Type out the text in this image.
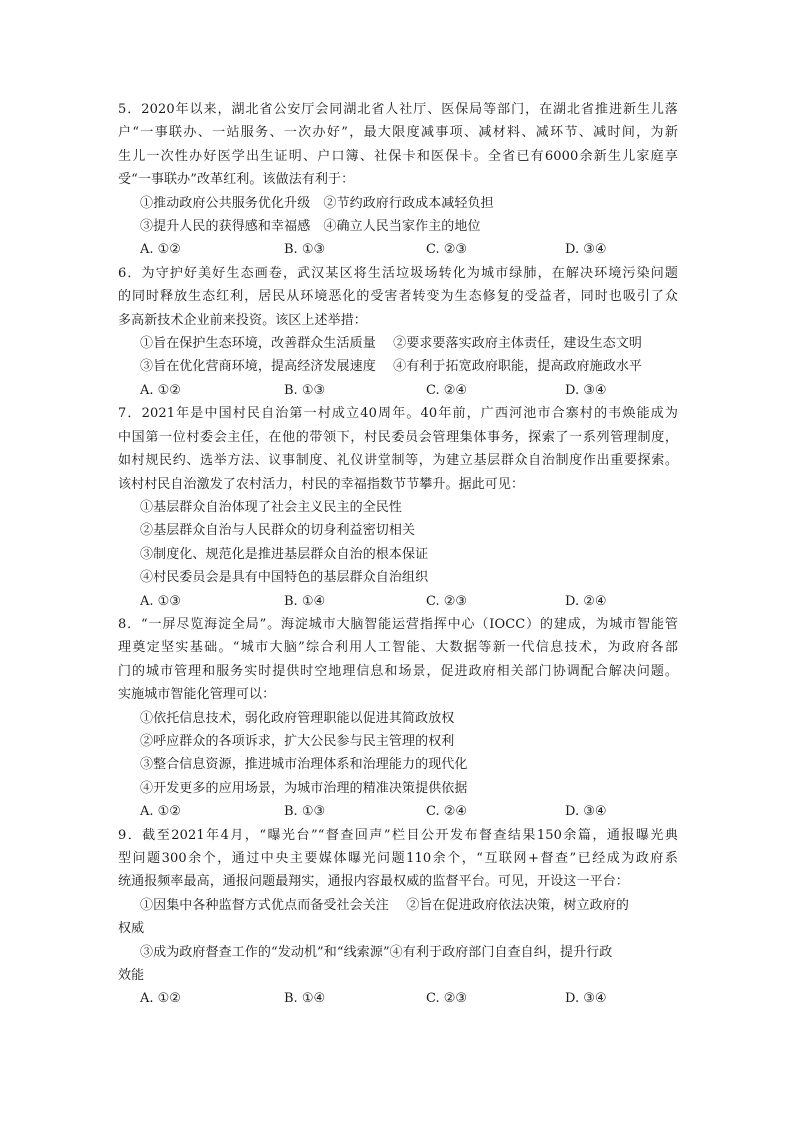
5．2020年以来，湖北省公安厅会同湖北省人社厅、医保局等部门，在湖北省推进新生儿落
户“一事联办、一站服务、一次办好”，最大限度减事项、减材料、减环节、减时间，为新
生儿一次性办好医学出生证明、户口簿、社保卡和医保卡。全省已有6000余新生儿家庭享
受“一事联办”改革红利。该做法有利于：
①推动政府公共服务优化升级　②节约政府行政成本减轻负担
③提升人民的获得感和幸福感　④确立人民当家作主的地位
A. ①②	B. ①③	C. ②③	D. ③④
6．为守护好美好生态画卷，武汉某区将生活垃圾场转化为城市绿肺，在解决环境污染问题
的同时释放生态红利，居民从环境恶化的受害者转变为生态修复的受益者，同时也吸引了众
多高新技术企业前来投资。该区上述举措：
①旨在保护生态环境，改善群众生活质量　 ②要求要落实政府主体责任，建设生态文明
③旨在优化营商环境，提高经济发展速度　 ④有利于拓宽政府职能，提高政府施政水平
A. ①②	B. ①③	C. ②④	D. ③④
7．2021年是中国村民自治第一村成立40周年。40年前，广西河池市合寨村的韦焕能成为
中国第一位村委会主任，在他的带领下，村民委员会管理集体事务，探索了一系列管理制度，
如村规民约、选举方法、议事制度、礼仪讲堂制等，为建立基层群众自治制度作出重要探索。
该村村民自治激发了农村活力，村民的幸福指数节节攀升。据此可见：
①基层群众自治体现了社会主义民主的全民性
②基层群众自治与人民群众的切身利益密切相关
③制度化、规范化是推进基层群众自治的根本保证
④村民委员会是具有中国特色的基层群众自治组织
A. ①③	B. ①④	C. ②③	D. ②④
8．“一屏尽览海淀全局”。海淀城市大脑智能运营指挥中心（IOCC）的建成，为城市智能管
理奠定坚实基础。“城市大脑”综合利用人工智能、大数据等新一代信息技术，为政府各部
门的城市管理和服务实时提供时空地理信息和场景，促进政府相关部门协调配合解决问题。
实施城市智能化管理可以：
①依托信息技术，弱化政府管理职能以促进其简政放权
②呼应群众的各项诉求，扩大公民参与民主管理的权利
③整合信息资源，推进城市治理体系和治理能力的现代化
④开发更多的应用场景，为城市治理的精准决策提供依据
A. ①②	B. ①③	C. ②④	D. ③④
9．截至2021年4月，“曝光台”“督查回声”栏目公开发布督查结果150余篇，通报曝光典
型问题300余个，通过中央主要媒体曝光问题110余个，“互联网+督查”已经成为政府系
统通报频率最高，通报问题最翔实，通报内容最权威的监督平台。可见，开设这一平台：
①因集中各种监督方式优点而备受社会关注　 ②旨在促进政府依法决策，树立政府的
权威
③成为政府督查工作的“发动机”和“线索源”④有利于政府部门自查自纠，提升行政
效能
A. ①②	B. ①④	C. ②③	D. ③④
